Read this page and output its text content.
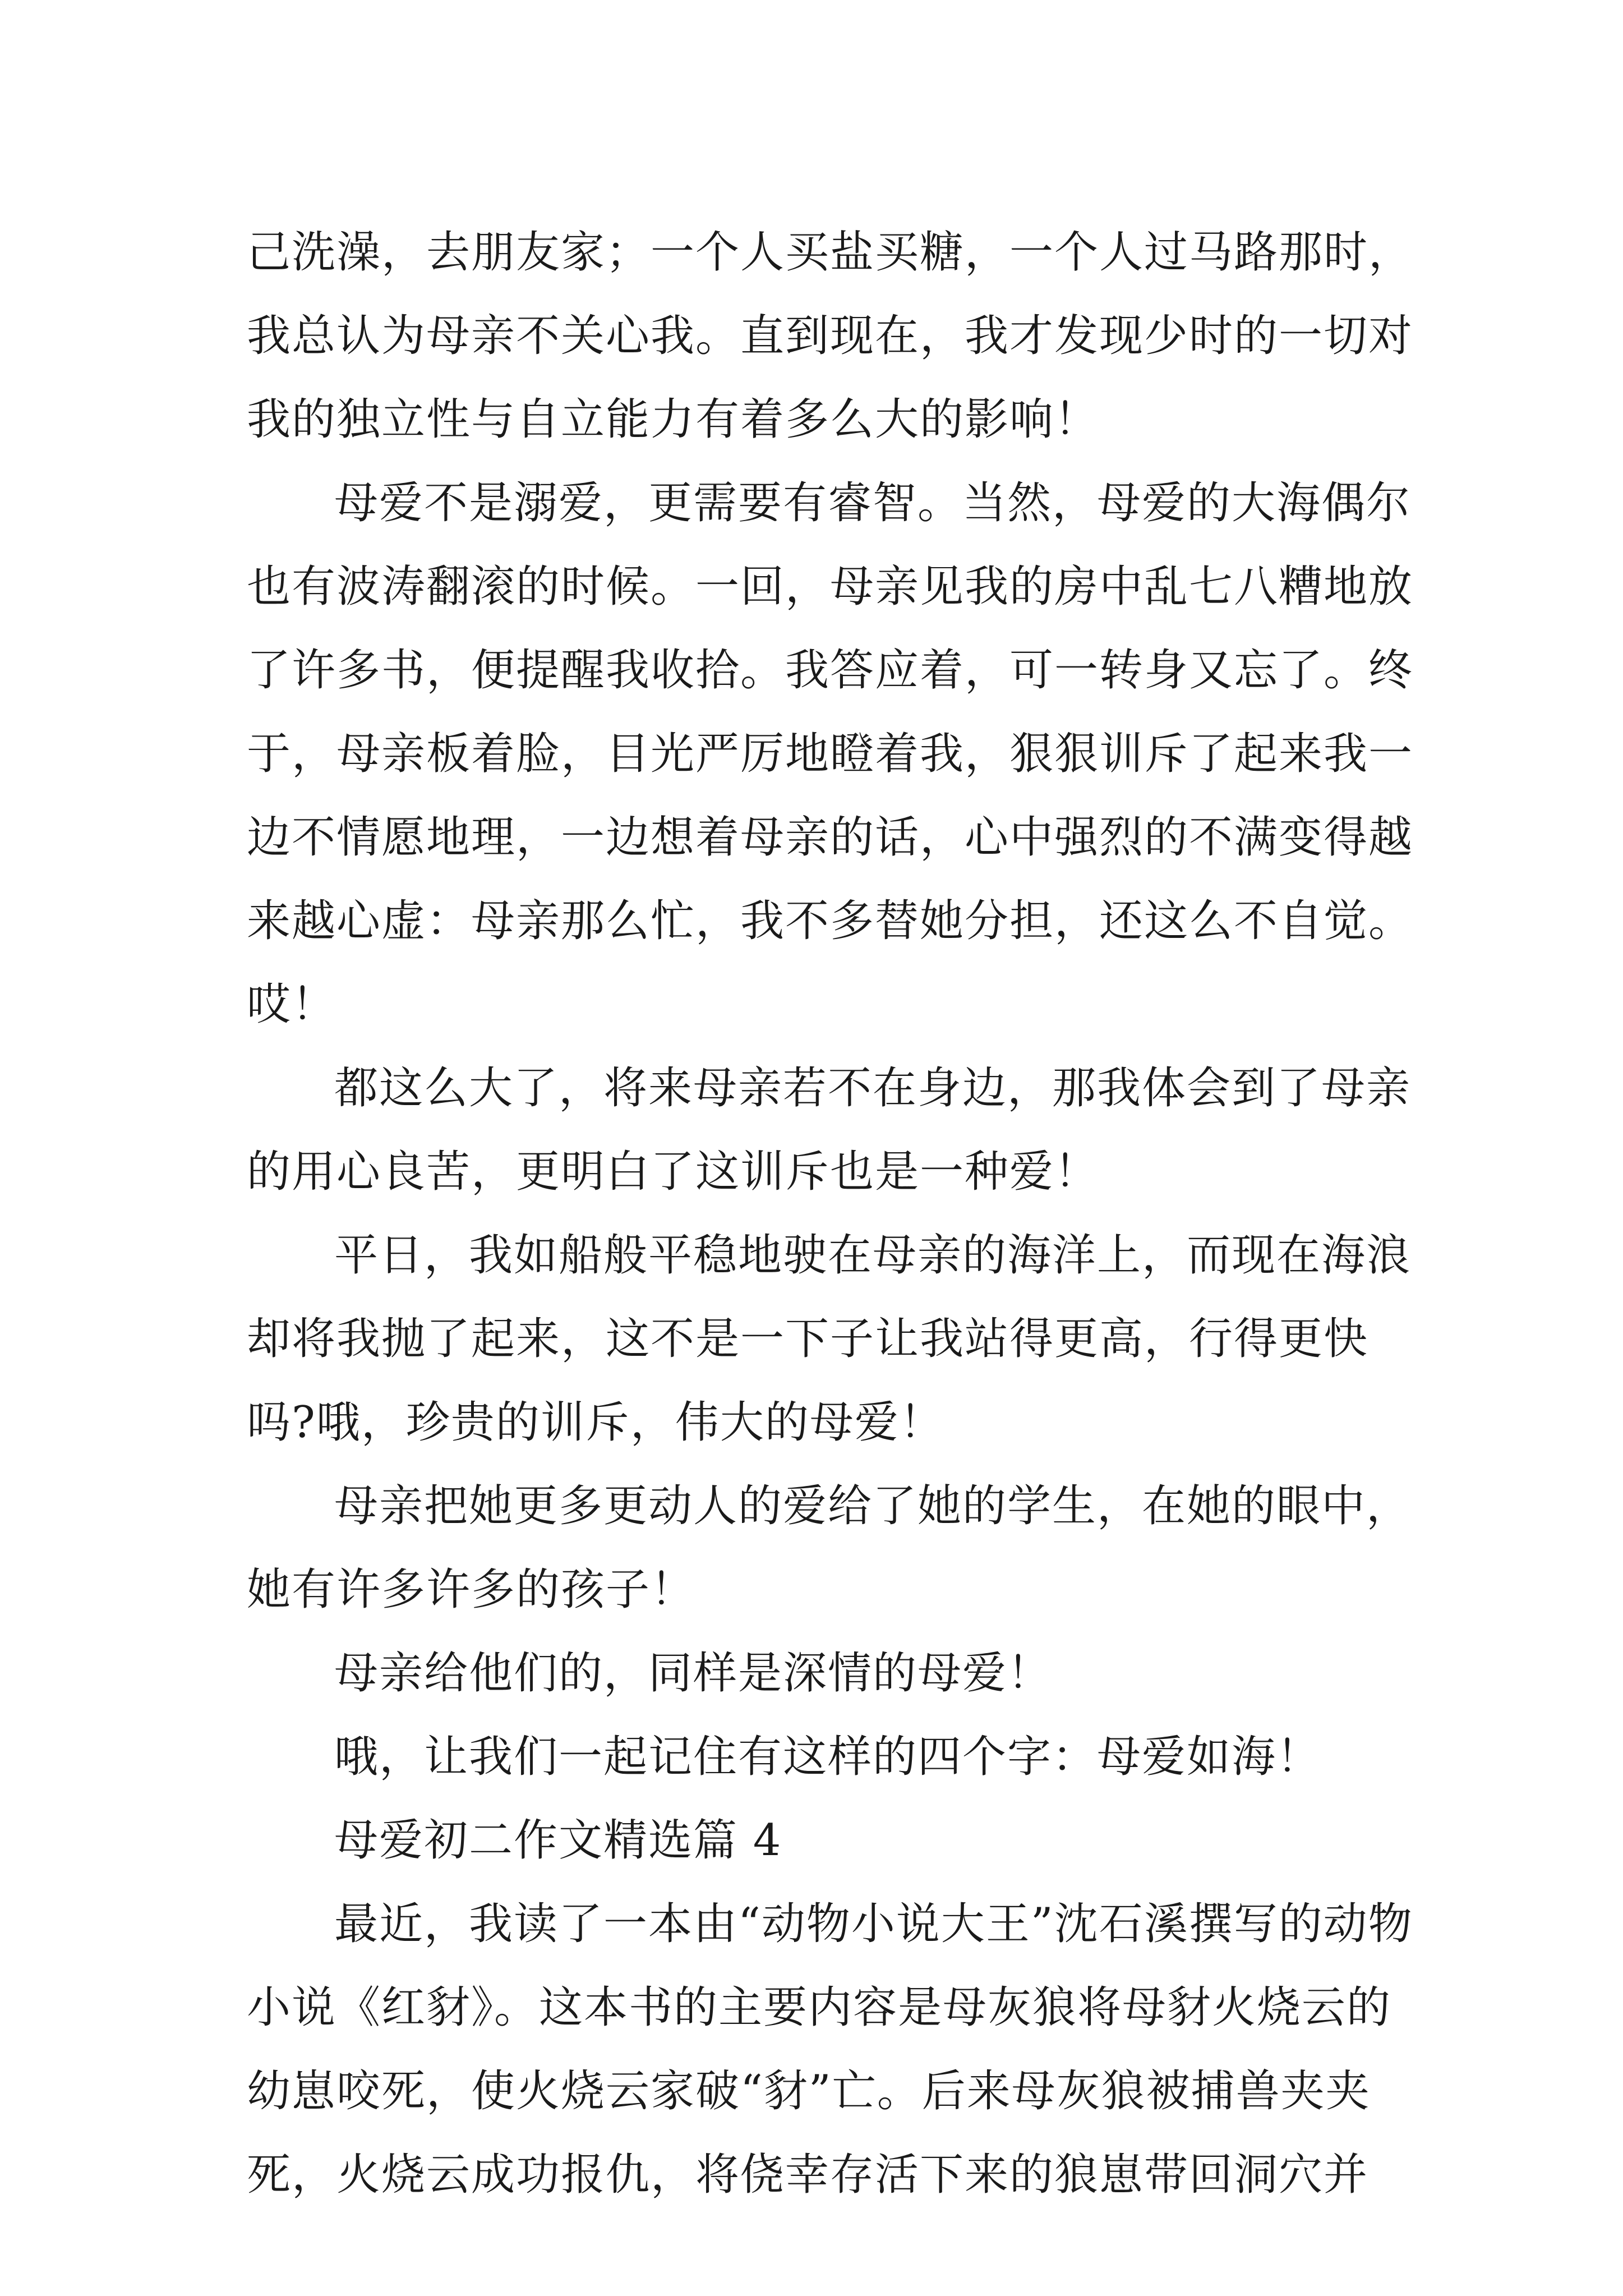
己洗澡，去朋友家；一个人买盐买糖，一个人过马路那时，我总认为母亲不关心我。直到现在，我才发现少时的一切对我的独立性与自立能力有着多么大的影响！

母爱不是溺爱，更需要有睿智。当然，母爱的大海偶尔也有波涛翻滚的时候。一回，母亲见我的房中乱七八糟地放了许多书，便提醒我收拾。我答应着，可一转身又忘了。终于，母亲板着脸，目光严厉地瞪着我，狠狠训斥了起来我一边不情愿地理，一边想着母亲的话，心中强烈的不满变得越来越心虚：母亲那么忙，我不多替她分担，还这么不自觉。哎！

都这么大了，将来母亲若不在身边，那我体会到了母亲的用心良苦，更明白了这训斥也是一种爱！

平日，我如船般平稳地驶在母亲的海洋上，而现在海浪却将我抛了起来，这不是一下子让我站得更高，行得更快吗?哦，珍贵的训斥，伟大的母爱！

母亲把她更多更动人的爱给了她的学生，在她的眼中，她有许多许多的孩子！

母亲给他们的，同样是深情的母爱！

哦，让我们一起记住有这样的四个字：母爱如海！

母爱初二作文精选篇 4

最近，我读了一本由“动物小说大王”沈石溪撰写的动物小说《红豺》。这本书的主要内容是母灰狼将母豺火烧云的幼崽咬死，使火烧云家破“豺”亡。后来母灰狼被捕兽夹夹死，火烧云成功报仇，将侥幸存活下来的狼崽带回洞穴并
